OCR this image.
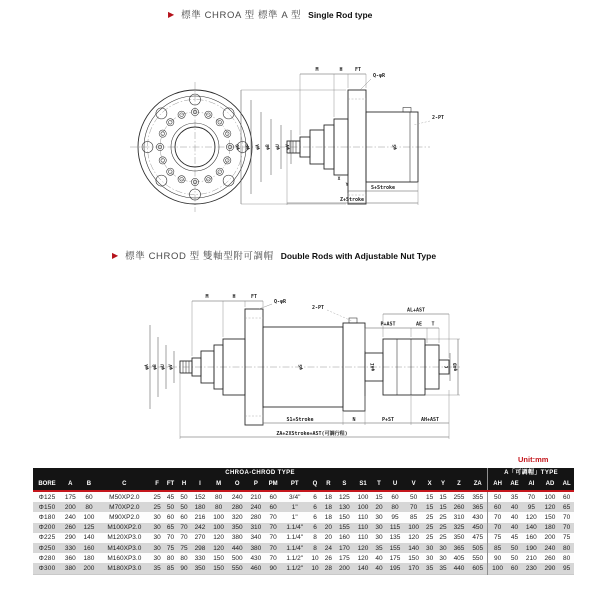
▶ 標準 CHROA 型 標準 A 型 Single Rod type
M	H FT
Q-φR
2-PT
φO φP φA φB φU φV	φS
X
Y	S+Stroke
Z+Stroke
▶ 標準 CHROD 型 雙軸型附可調帽 Double Rods with Adjustable Nut Type
M	H	FT
Q-φR
2-PT	AL+AST
P+AST	AE T
φA φB φU φV	φS	φAI	C φAD
S1+Stroke	N	P+ST	AH+AST
ZA+2XStroke+AST(可調行程)
Unit:mm
CHROA-CHROD TYPE																								A「可調帽」TYPE				
BORE	A	B	C	F	FT	H	I	M	O	P	PM	PT	Q	R	S	S1	T	U	V	X	Y	Z	ZA	AH	AE	AI	AD	AL
Φ125	175	60	M50XP2.0	25	45	50	152	80	240	210	60	3/4"	6	18	125	100	15	60	50	15	15	255	355	50	35	70	100	60
Φ150	200	80	M70XP2.0	25	50	50	180	80	280	240	60	1"	6	18	130	100	20	80	70	15	15	260	365	60	40	95	120	65
Φ180	240	100	M90XP2.0	30	60	60	216	100	320	280	70	1"	6	18	150	110	30	95	85	25	25	310	430	70	40	120	150	70
Φ200	260	125	M100XP2.0	30	65	70	242	100	350	310	70	1.1/4"	6	20	155	110	30	115	100	25	25	325	450	70	40	140	180	70
Φ225	290	140	M120XP3.0	30	70	70	270	120	380	340	70	1.1/4"	8	20	160	110	30	135	120	25	25	350	475	75	45	160	200	75
Φ250	330	160	M140XP3.0	30	75	75	298	120	440	380	70	1.1/4"	8	24	170	120	35	155	140	30	30	365	505	85	50	190	240	80
Φ280	360	180	M160XP3.0	30	80	80	330	150	500	430	70	1.1/2"	10	26	175	120	40	175	150	30	30	405	550	90	50	210	260	80
Φ300	380	200	M180XP3.0	35	85	90	350	150	550	460	90	1.1/2"	10	28	200	140	40	195	170	35	35	440	605	100	60	230	290	95
